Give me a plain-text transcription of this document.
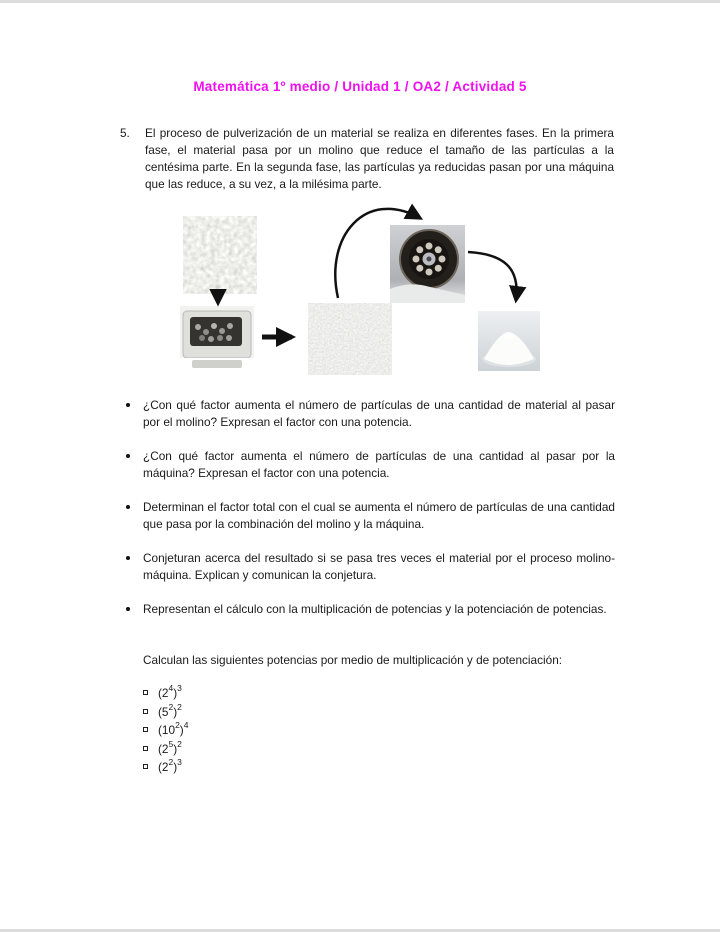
Matemática 1º medio / Unidad 1 / OA2 / Actividad 5
5. El proceso de pulverización de un material se realiza en diferentes fases. En la primera fase, el material pasa por un molino que reduce el tamaño de las partículas a la centésima parte. En la segunda fase, las partículas ya reducidas pasan por una máquina que las reduce, a su vez, a la milésima parte.

¿Con qué factor aumenta el número de partículas de una cantidad de material al pasar por el molino? Expresan el factor con una potencia.
¿Con qué factor aumenta el número de partículas de una cantidad al pasar por la máquina? Expresan el factor con una potencia.
Determinan el factor total con el cual se aumenta el número de partículas de una cantidad que pasa por la combinación del molino y la máquina.
Conjeturan acerca del resultado si se pasa tres veces el material por el proceso molino-máquina. Explican y comunican la conjetura.
Representan el cálculo con la multiplicación de potencias y la potenciación de potencias.

Calculan las siguientes potencias por medio de multiplicación y de potenciación:

$(2^4)^3$
$(5^2)^2$
$(10^2)^4$
$(2^5)^2$
$(2^2)^3$
